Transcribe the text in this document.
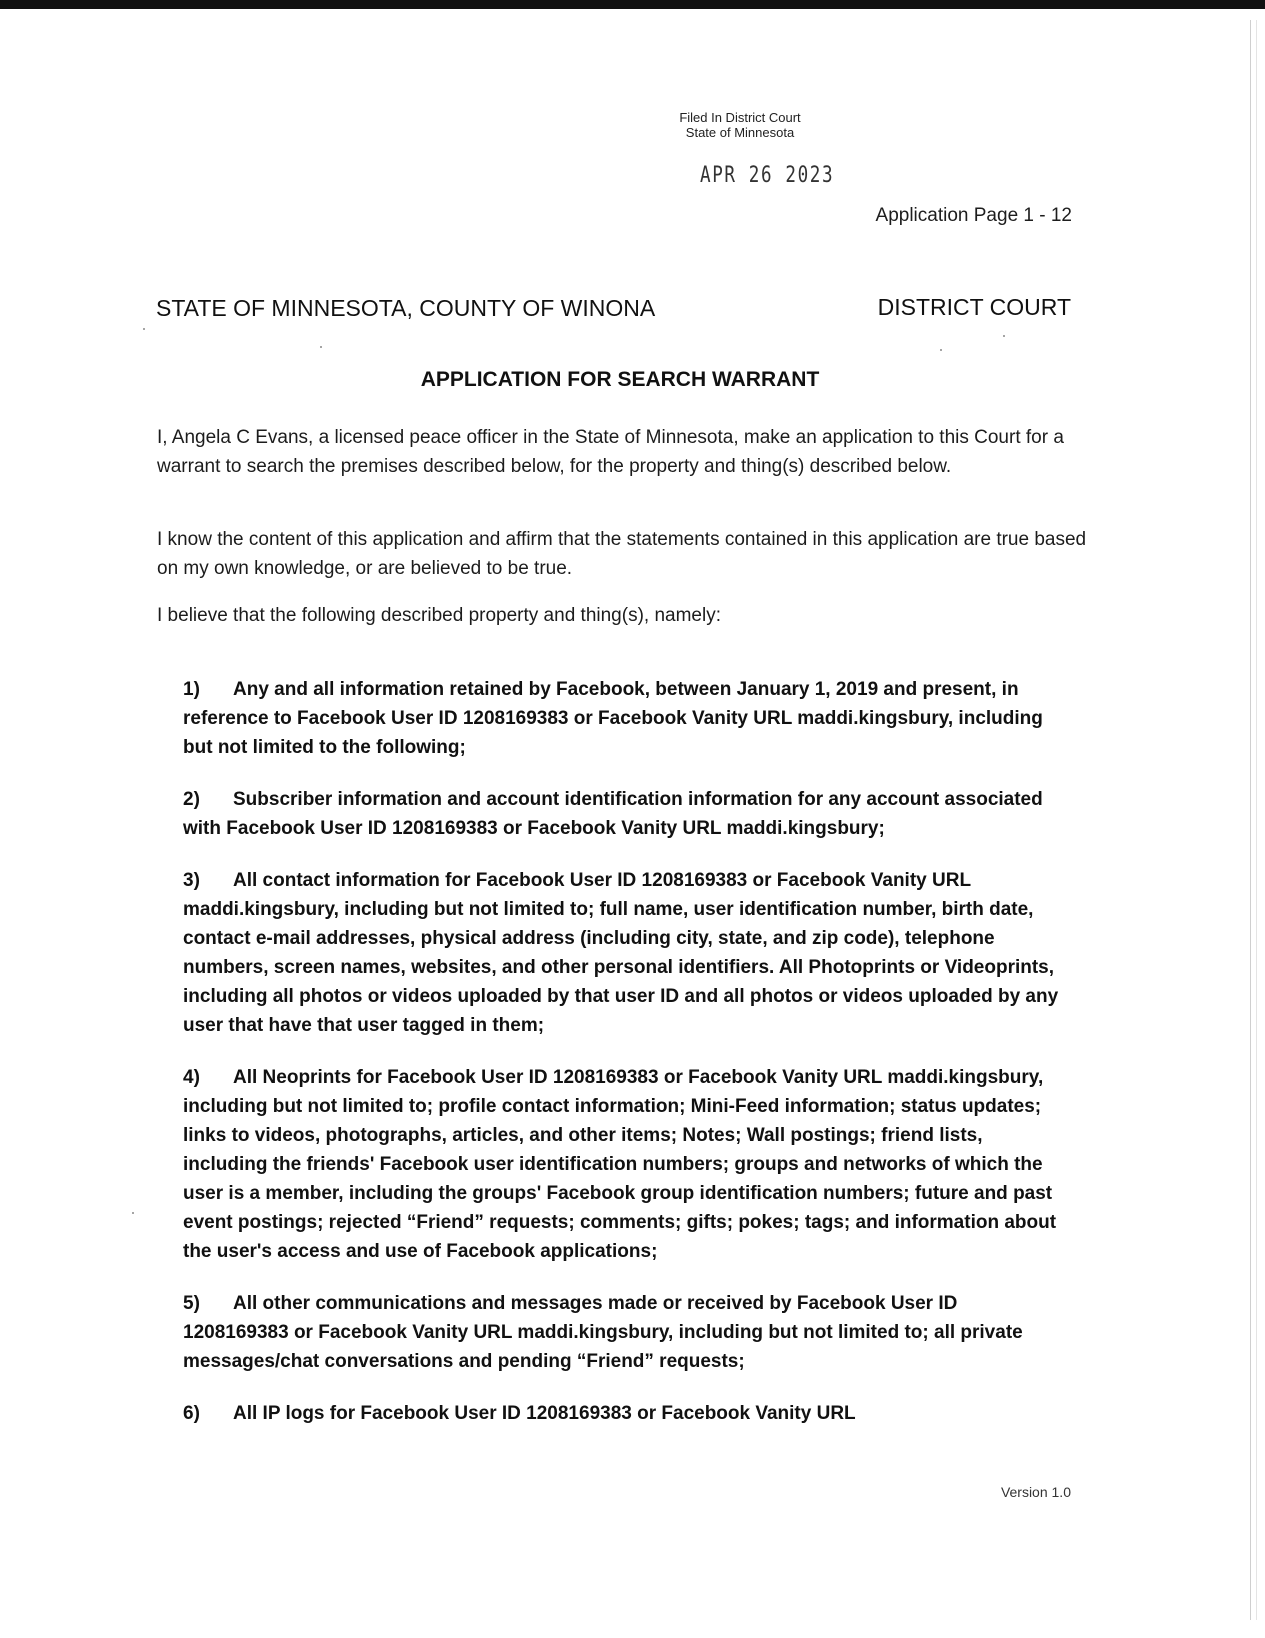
Filed In District Court
State of Minnesota
APR 26 2023
Application Page 1 - 12
STATE OF MINNESOTA, COUNTY OF WINONA	DISTRICT COURT
APPLICATION FOR SEARCH WARRANT
I, Angela C Evans, a licensed peace officer in the State of Minnesota, make an application to this Court for a warrant to search the premises described below, for the property and thing(s) described below.
I know the content of this application and affirm that the statements contained in this application are true based on my own knowledge, or are believed to be true.
I believe that the following described property and thing(s), namely:
1) Any and all information retained by Facebook, between January 1, 2019 and present, in reference to Facebook User ID 1208169383 or Facebook Vanity URL maddi.kingsbury, including but not limited to the following;
2) Subscriber information and account identification information for any account associated with Facebook User ID 1208169383 or Facebook Vanity URL maddi.kingsbury;
3) All contact information for Facebook User ID 1208169383 or Facebook Vanity URL maddi.kingsbury, including but not limited to; full name, user identification number, birth date, contact e-mail addresses, physical address (including city, state, and zip code), telephone numbers, screen names, websites, and other personal identifiers. All Photoprints or Videoprints, including all photos or videos uploaded by that user ID and all photos or videos uploaded by any user that have that user tagged in them;
4) All Neoprints for Facebook User ID 1208169383 or Facebook Vanity URL maddi.kingsbury, including but not limited to; profile contact information; Mini-Feed information; status updates; links to videos, photographs, articles, and other items; Notes; Wall postings; friend lists, including the friends' Facebook user identification numbers; groups and networks of which the user is a member, including the groups' Facebook group identification numbers; future and past event postings; rejected “Friend” requests; comments; gifts; pokes; tags; and information about the user's access and use of Facebook applications;
5) All other communications and messages made or received by Facebook User ID 1208169383 or Facebook Vanity URL maddi.kingsbury, including but not limited to; all private messages/chat conversations and pending “Friend” requests;
6) All IP logs for Facebook User ID 1208169383 or Facebook Vanity URL
Version 1.0
